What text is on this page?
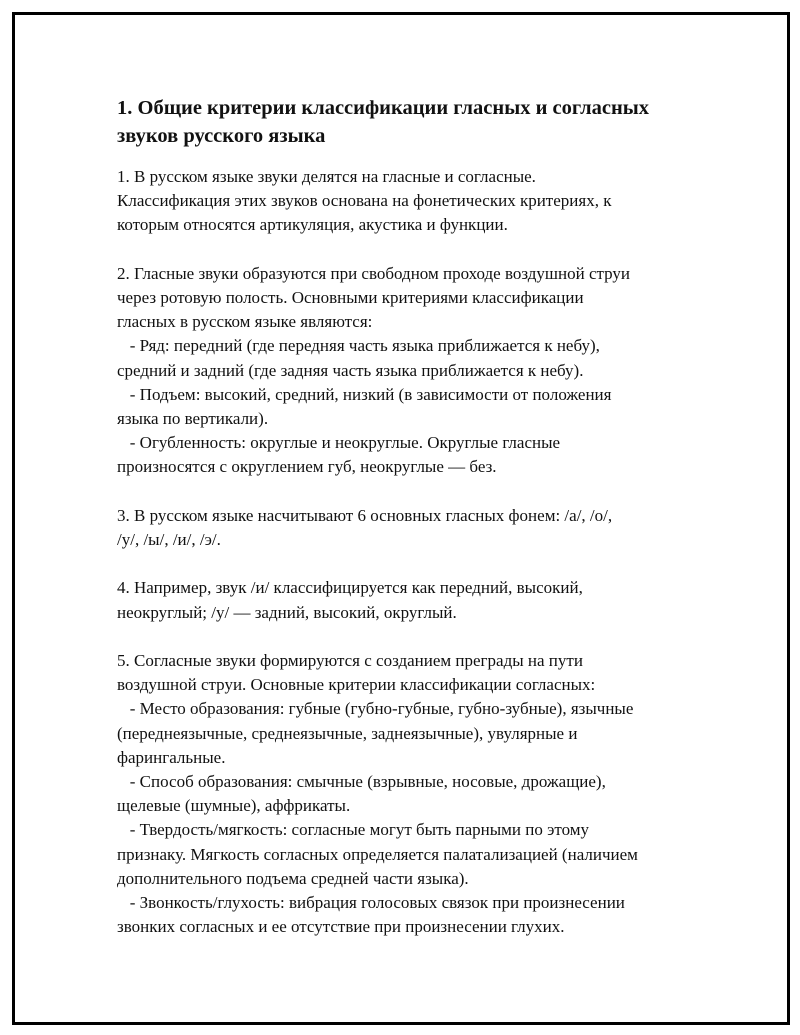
1. Общие критерии классификации гласных и согласных
звуков русского языка

1. В русском языке звуки делятся на гласные и согласные.
Классификация этих звуков основана на фонетических критериях, к
которым относятся артикуляция, акустика и функции.

2. Гласные звуки образуются при свободном проходе воздушной струи
через ротовую полость. Основными критериями классификации
гласных в русском языке являются:
- Ряд: передний (где передняя часть языка приближается к небу),
средний и задний (где задняя часть языка приближается к небу).
- Подъем: высокий, средний, низкий (в зависимости от положения
языка по вертикали).
- Огубленность: округлые и неокруглые. Округлые гласные
произносятся с округлением губ, неокруглые — без.

3. В русском языке насчитывают 6 основных гласных фонем: /а/, /о/,
/у/, /ы/, /и/, /э/.

4. Например, звук /и/ классифицируется как передний, высокий,
неокруглый; /у/ — задний, высокий, округлый.

5. Согласные звуки формируются с созданием преграды на пути
воздушной струи. Основные критерии классификации согласных:
- Место образования: губные (губно-губные, губно-зубные), язычные
(переднеязычные, среднеязычные, заднеязычные), увулярные и
фарингальные.
- Способ образования: смычные (взрывные, носовые, дрожащие),
щелевые (шумные), аффрикаты.
- Твердость/мягкость: согласные могут быть парными по этому
признаку. Мягкость согласных определяется палатализацией (наличием
дополнительного подъема средней части языка).
- Звонкость/глухость: вибрация голосовых связок при произнесении
звонких согласных и ее отсутствие при произнесении глухих.
